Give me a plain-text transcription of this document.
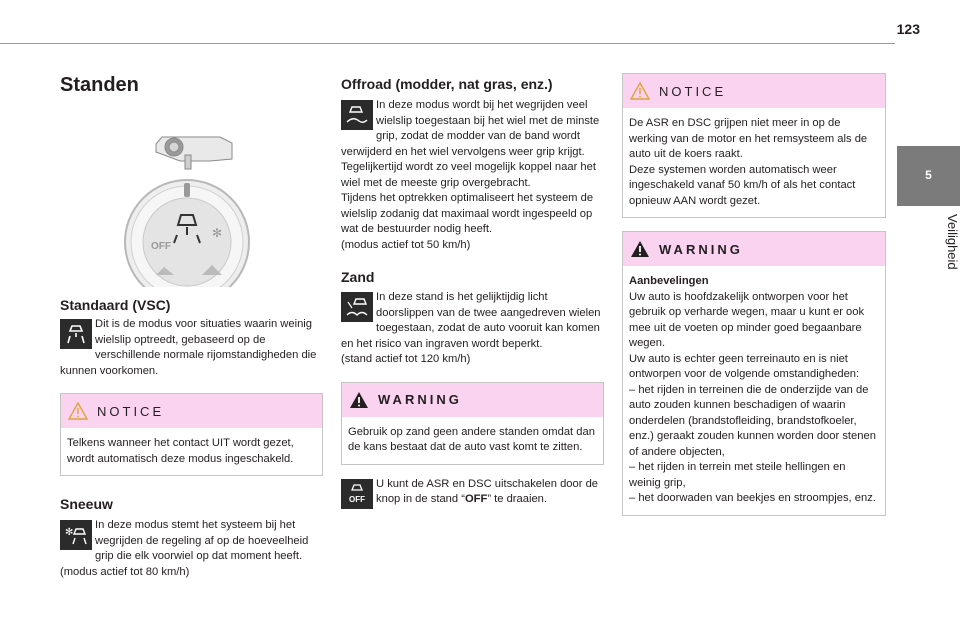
123
5
Veiligheid
Standen
✻
OFF
Standaard (VSC)

Dit is de modus voor situaties waarin weinig wielslip optreedt, gebaseerd op de verschillende normale rijomstandigheden die kunnen voorkomen.

NOTICE

Telkens wanneer het contact UIT wordt gezet, wordt automatisch deze modus ingeschakeld.

Sneeuw
✻

In deze modus stemt het systeem bij het wegrijden de regeling af op de hoeveelheid grip die elk voorwiel op dat moment heeft.

(modus actief tot 80 km/h)

Offroad (modder, nat gras, enz.)

In deze modus wordt bij het wegrijden veel wielslip toegestaan bij het wiel met de minste grip, zodat de modder van de band wordt verwijderd en het wiel vervolgens weer grip krijgt.

Tegelijkertijd wordt zo veel mogelijk koppel naar het wiel met de meeste grip overgebracht.

Tijdens het optrekken optimaliseert het systeem de wielslip zodanig dat maximaal wordt ingespeeld op wat de bestuurder nodig heeft.

(modus actief tot 50 km/h)

Zand

In deze stand is het gelijktijdig licht doorslippen van de twee aangedreven wielen toegestaan, zodat de auto vooruit kan komen en het risico van ingraven wordt beperkt.

(stand actief tot 120 km/h)

WARNING

Gebruik op zand geen andere standen omdat dan de kans bestaat dat de auto vast komt te zitten.

OFF

U kunt de ASR en DSC uitschakelen door de knop in de stand “OFF” te draaien.

NOTICE

De ASR en DSC grijpen niet meer in op de werking van de motor en het remsysteem als de auto uit de koers raakt.

Deze systemen worden automatisch weer ingeschakeld vanaf 50 km/h of als het contact opnieuw AAN wordt gezet.

WARNING

Aanbevelingen

Uw auto is hoofdzakelijk ontworpen voor het gebruik op verharde wegen, maar u kunt er ook mee uit de voeten op minder goed begaanbare wegen.

Uw auto is echter geen terreinauto en is niet ontworpen voor de volgende omstandigheden:

– het rijden in terreinen die de onderzijde van de auto zouden kunnen beschadigen of waarin onderdelen (brandstofleiding, brandstofkoeler, enz.) geraakt zouden kunnen worden door stenen of andere objecten,

– het rijden in terrein met steile hellingen en weinig grip,

– het doorwaden van beekjes en stroompjes, enz.
